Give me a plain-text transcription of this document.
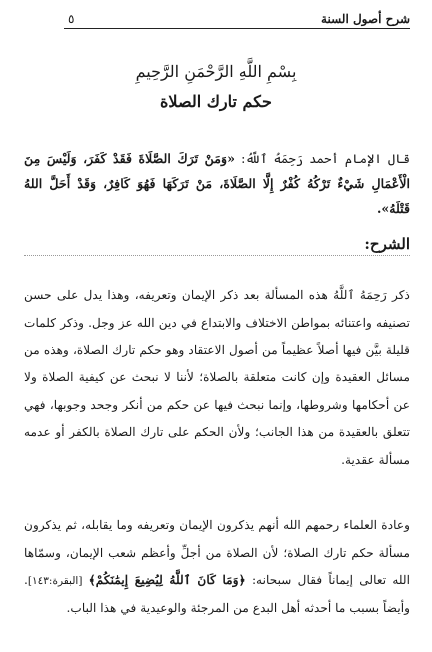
شرح أصول السنة
٥
بِسْمِ اللَّهِ الرَّحْمَنِ الرَّحِيمِ
حكم تارك الصلاة
قال الإمام أحمد رَحِمَهُ ٱللَّهُ: «وَمَنْ تَرَكَ الصَّلَاةَ فَقَدْ كَفَرَ، وَلَيْسَ مِنَ الْأَعْمَالِ شَيْءٌ تَرْكُهُ كُفْرٌ إِلَّا الصَّلَاةَ، مَنْ تَرَكَهَا فَهُوَ كَافِرٌ، وَقَدْ أَحَلَّ اللهُ قَتْلَهُ».
الشرح:

ذكر رَحِمَهُ ٱللَّهُ هذه المسألة بعد ذكر الإيمان وتعريفه، وهذا يدل على حسن تصنيفه واعتنائه بمواطن الاختلاف والابتداع في دين الله عز وجل. وذكر كلمات قليلة بيَّن فيها أصلاً عظيماً من أصول الاعتقاد وهو حكم تارك الصلاة، وهذه من مسائل العقيدة وإن كانت متعلقة بالصلاة؛ لأننا لا نبحث عن كيفية الصلاة ولا عن أحكامها وشروطها، وإنما نبحث فيها عن حكم من أنكر وجحد وجوبها، فهي تتعلق بالعقيدة من هذا الجانب؛ ولأن الحكم على تارك الصلاة بالكفر أو عدمه مسألة عقدية.

وعادة العلماء رحمهم الله أنهم يذكرون الإيمان وتعريفه وما يقابله، ثم يذكرون مسألة حكم تارك الصلاة؛ لأن الصلاة من أجلِّ وأعظم شعب الإيمان، وسمّاها الله تعالى إيماناً فقال سبحانه: ﴿وَمَا كَانَ ٱللَّهُ لِيُضِيعَ إِيمَٰنَكُمْ﴾ [البقرة:١٤٣]. وأيضاً بسبب ما أحدثه أهل البدع من المرجئة والوعيدية في هذا الباب.
